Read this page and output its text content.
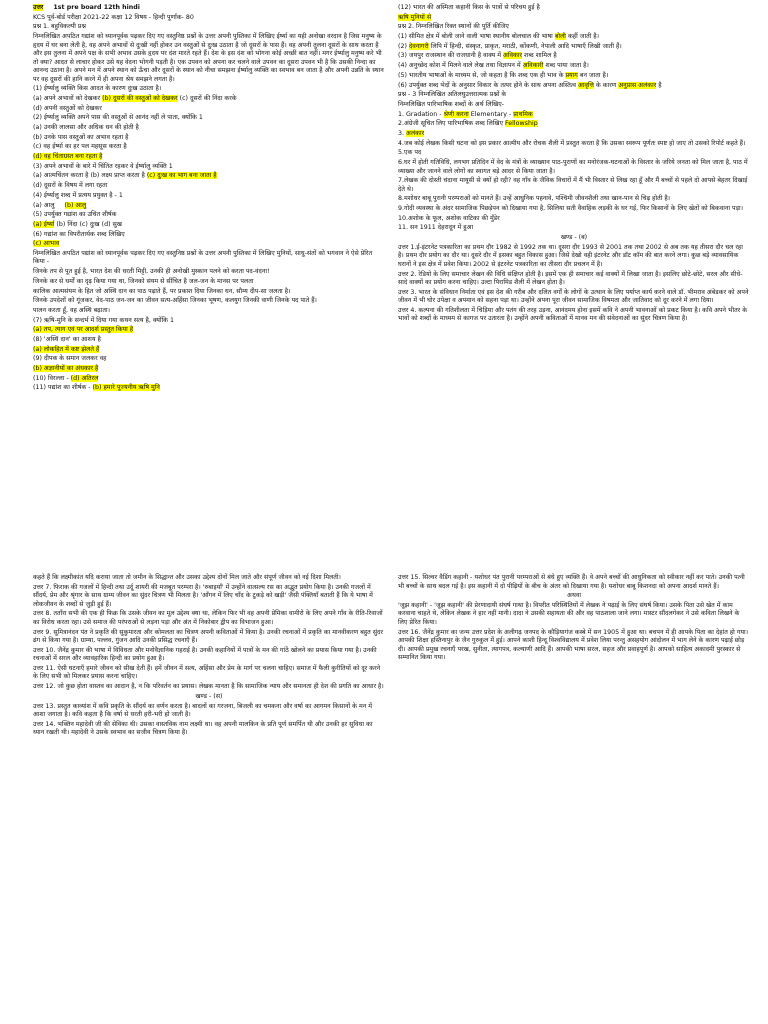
उत्तर 1st pre board 12th hindi

KCS पूर्व-बोर्ड परीक्षा 2021-22 कक्षा 12 विषय - हिन्दी पूर्णांक- 80

प्रश्न 1. बहुविकल्पी प्रश्न

निम्नलिखित अपठित गद्यांश को ध्यानपूर्वक पढ़कर दिए गए वस्तुनिष्ठ प्रश्नों के उत्तर अपनी पुस्तिका में लिखिए ईर्ष्या का यही अनोखा वरदान है जिस मनुष्य के हृदय में घर बना लेती है, वह अपने अभावों से दुःखी नहीं होकर उन वस्तुओं से दुःख उठाता है जो दूसरों के पास हैं। वह अपनी तुलना दूसरों के साथ करता है और इस तुलना में अपने पक्ष के सभी अभाव उसके हृदय पर दंश मारते रहते हैं। देश के इस दंश को भोगना कोई अच्छी बात नहीं। मगर ईर्ष्यालु मनुष्य करे भी तो क्या? आदत से लाचार होकर उसे यह वेदना भोगनी पड़ती है। एक उपवन को अपना कर चलने वाले उपवन का दूसरा उपवन भी है कि उसकी निन्दा का आनन्द उठाना है। अपने मन में अपने स्थान को ऊँचा और दूसरों के स्थान को नीचा समझना ईर्ष्यालु व्यक्ति का स्वभाव बन जाता है और अपनी उन्नति के स्थान पर वह दूसरों की हानि करने में ही अपना श्रेय समझने लगता है।

(1) ईर्ष्यालु व्यक्ति किस आदत के कारण दुःख उठाता है।

(a) अपने अभावों को देखकर (b) दूसरों की वस्तुओं को देखकर (c) दूसरों की निंदा करके

(d) अपनी वस्तुओं को देखकर

(2) ईर्ष्यालु व्यक्ति अपने पास की वस्तुओं से आनंद नहीं ले पाता, क्योंकि 1

(a) उनकी लालसा और अधिक धन की होती है

(b) उनके पास वस्तुओं का अभाव रहता है

(c) वह ईर्ष्या का हर पल महसूस करता है

(d) वह चिंताग्रस्त बना रहता है

(3) अपने अभावों के बारे में चिंतित रहकर वे ईर्ष्यालु व्यक्ति 1

(a) आत्मचिंतन करता है (b) लक्ष्य प्राप्त करता है (c) दुःख का भाग बना जाता है

(d) दूसरों के विषय में लगा रहता

(4) ईर्ष्यालु शब्द में प्रत्यय प्रयुक्त है - 1

(a) आलु (b) आलु

(5) उपर्युक्त गद्यांश का उचित शीर्षक

(a) ईर्ष्या (b) निंदा (c) दुःख (d) सुख

(6) गद्यांश का विपरीतार्थक शब्द लिखिए

(c) आभाव

निम्नलिखित अपठित पद्यांश को ध्यानपूर्वक पढ़कर दिए गए वस्तुनिष्ठ प्रश्नों के उत्तर अपनी पुस्तिका में लिखिए मुनियों, साधु-संतों को भगवान ने ऐसे प्रेरित किया -

जिनके तप से पूत हुई है, भारत देश की धरती मिट्टी, उनकी ही अनोखी मुस्कान पलने को करता पद-वंदना!

जिनके कर से धर्मों का दृढ़ किया गया था, जिनको संयम से सींचित है जल-जन के मानस पर पलता

कालिक आत्मसंयम के हित जो अस्थि दान का पाठ पढ़ाते हैं, पर प्रकाश दिया जिनका धन, सौम्य दीप-सा जलता है।

जिनके उपदेशों को गूंजकर, वेद-पाठ जन-जन का जीवन सत्य-अहिंसा जिनका भूषण, कलयुग जिनकी वाणी जिनके पद पाते हैं।

पालन करता हूँ, वह अस्थि बढ़ाता।

(7) ऋषि-मुनि के सन्दर्भ में दिया गया कथन सत्य है, क्योंकि 1

(a) तप, त्याग एवं पर आदर्श प्रस्तुत किया है

(8) 'अस्थि दान' का आशय है

(a) लोकहित में कष्ट झेलते हैं

(9) दीपक के समान जलकर वह

(b) अज्ञानीयों का अंधकार है

(10) विरल्ला - (d) अतिरल

(11) पद्यांश का शीर्षक - (b) हमारे पूज्यनीय ऋषि मुनि

(12) भारत की अस्मिता कहानी किस के पात्रों से परिचय हुई है

ऋषि मुनियों से

प्रश्न 2. निम्नलिखित रिक्त स्थानों की पूर्ति कीजिए

(1) सीमित क्षेत्र में बोली जाने वाली भाषा स्थानीय बोलचाल की भाषा बोली कहीं जाती है।

(2) देवनागरी लिपि में हिन्दी, संस्कृत, प्राकृत, मराठी, कोंकणी, नेपाली आदि भाषाएँ लिखी जाती हैं।

(3) जयपुर राजस्थान की राजधानी है वाक्य में अविकार शब्द शामिल है

(4) अनुच्छेद कोश में मिलने वाले लेख तथा विज्ञापन में अविकारी शब्द पाया जाता है।

(5) भारतीय भाषाओं के माध्यम से, जो कहता है कि शब्द एक ही भाव के प्रयाग बन जाता है।

(6) उपर्युक्त शब्द भेदों के अनुसार विकार के तत्पर होने के साथ अपना अस्तित्व आवृत्ति के कारण अनुप्रास अलंकार है

प्रश्न - 3 निम्नलिखित अतिलघुउत्तरात्मक प्रश्नों के

निम्नलिखित पारिभाषिक शब्दों के अर्थ लिखिए-

1. Gradation - श्रेणी करना Elementary - प्राथमिक

2.अंग्रेजी सूचित लिए पारिभाषिक शब्द लिखिए Fellowship

3. अलंकार

4.जब कोई लेखक किसी घटना को इस प्रकार आत्मीय और रोचक शैली में प्रस्तुत करता है कि उसका स्वरूप पूर्णतः स्पष्ट हो जाए तो उसको रिपोर्ट कहते हैं।

5.एक पद

6.घर में होती गतिविधि, लगभग प्रतिदिन में वेद के मंत्रों के व्याख्यान पाठ-पुराणों का मनोरंजक-घटनाओं के विस्तार के जरिये जनता को मिल जाता है, पाठ में व्याख्या और जानने वाले लोगों का स्वागत बड़े आदर से किया जाता है।

7.लेखक की दोस्ती चंदाना मायूसी से क्यों हो रही? वह गाँव के जैविक विचारों में मैं भी विस्तार से लिख रहा हूँ और मैं बच्चों से पहले दो आपसे बेहतर दिखाई देते थे।

8.मशोधर बाबू पुरानी परम्पराओं को मानते हैं। उन्हें आधुनिक पहनावे, पश्चिमी जीवनशैली तथा खान-पान से चिढ़ होती है।

9.गोदी व्यवस्था के अंदर सामाजिक पिछड़ेपन को दिखाया गया है, सिलिया सती वैवाहिक लड़की के घर गई, फिर किसानों के लिए खेतों को बिकवाना पड़ा।

10.अशोक के फूल, अशोक वाटिका की मुँडेर

11. सन 1911 देहरादून में हुआ

खण्ड - (ब)

उत्तर 1.ई-इंटरनेट पत्रकारिता का प्रथम दौर 1982 से 1992 तक था। दूसरा दौर 1993 से 2001 तक तथा 2002 से अब तक यह तीसरा दौर चल रहा है। प्रथम दौर प्रयोग का दौर था। दूसरे दौर में इसका बहुत विकास हुआ। जिसे देखो वही इंटरनेट और डॉट कॉम की बात करने लगा। कुछ बड़े व्यावसायिक घरानों ने इस क्षेत्र में प्रवेश किया। 2002 से इंटरनेट पत्रकारिता का तीसरा दौर प्रचलन में है।

उत्तर 2. रेडियो के लिए समाचार लेखन की विधि संक्षिप्त होती है। इसमें एक ही समाचार कई वाक्यों में लिखा जाता है। इसलिए छोटे-छोटे, सरल और सीधे-सादे वाक्यों का प्रयोग करना चाहिए। उल्टा पिरामिड शैली में लेखन होता है।

उत्तर 3. भारत के संविधान निर्माता एवं इस देश की गरीब और दलित वर्गों के लोगों के उत्थान के लिए पर्याप्त कार्य करने वाले डॉ. भीमराव अंबेडकर को अपने जीवन में भी घोर उपेक्षा व अपमान को सहना पड़ा था। उन्होंने अपना पूरा जीवन सामाजिक विषमता और जातिवाद को दूर करने में लगा दिया।

उत्तर 4. कल्पना की गतिशीलता में चिड़िया और पतंग की तरह उड़ना, आनंदमय होना इसमें कवि ने अपनी भावनाओं को प्रकट किया है। कवि अपने भीतर के भावों को शब्दों के माध्यम से कागज पर उतारता है। उन्होंने अपनी कविताओं में मानव मन की संवेदनाओं का सुंदर चित्रण किया है।

कहते हैं कि लक्ष्मीकांत यदि कराया जाता तो जमीन के सिद्धान्त और उसका उद्देश्य दोनों मिल जाते और संपूर्ण जीवन को नई दिशा मिलती।

उत्तर 7. फिराक की गजलों में हिन्दी तथा उर्दू शायरी की मजबूत परम्परा है। 'रुबाइयाँ' में उन्होंने वात्सल्य रस का अद्भुत प्रयोग किया है। उनकी गजलों में सौंदर्य, प्रेम और श्रृंगार के साथ ग्राम्य जीवन का सुंदर चित्रण भी मिलता है। 'आँगन में लिए चाँद के टुकड़े को खड़ी' जैसी पंक्तियाँ बताती हैं कि ये भाषा में लोकजीवन के शब्दों से जुड़ी हुई हैं।

उत्तर 8. तताँरा सभी की एक ही फिक्र कि उसके जीवन का मूल उद्देश्य क्या था, लेकिन फिर भी वह अपनी प्रेमिका वामीरो के लिए अपने गाँव के रीति-रिवाजों का विरोध करता रहा। उसे समाज की परंपराओं से लड़ना पड़ा और अंत में निकोबार द्वीप का विभाजन हुआ।

उत्तर 9. सुमित्रानंदन पंत ने प्रकृति की सुकुमारता और कोमलता का चित्रण अपनी कविताओं में किया है। उनकी रचनाओं में प्रकृति का मानवीकरण बहुत सुंदर ढंग से किया गया है। ग्राम्या, पल्लव, गुंजन आदि उनकी प्रसिद्ध रचनाएँ हैं।

उत्तर 10. जैनेंद्र कुमार की भाषा में विविधता और मनोवैज्ञानिक गहराई है। उनकी कहानियों में पात्रों के मन की गांठें खोलने का प्रयास किया गया है। उनकी रचनाओं में सरल और व्यावहारिक हिन्दी का प्रयोग हुआ है।

उत्तर 11. ऐसी घटनाएँ हमारे जीवन को सीख देती हैं। हमें जीवन में सत्य, अहिंसा और प्रेम के मार्ग पर चलना चाहिए। समाज में फैली कुरीतियों को दूर करने के लिए सभी को मिलकर प्रयास करना चाहिए।

उत्तर 12. जो कुछ होता वास्तव का आदान है, न कि परिवर्तन का प्रयास। लेखक मानता है कि सामाजिक न्याय और समानता ही देश की प्रगति का आधार है।

खण्ड - (स)

उत्तर 13. प्रस्तुत काव्यांश में कवि प्रकृति के सौंदर्य का वर्णन करता है। बादलों का गरजना, बिजली का चमकना और वर्षा का आगमन किसानों के मन में आशा जगाता है। कवि कहता है कि वर्षा से धरती हरी-भरी हो जाती है।

उत्तर 14. भक्तिन महादेवी जी की सेविका थी। उसका वास्तविक नाम लक्ष्मी था। वह अपनी मालकिन के प्रति पूर्ण समर्पित थी और उनकी हर सुविधा का ध्यान रखती थी। महादेवी ने उसके स्वभाव का सजीव चित्रण किया है।

उत्तर 15. सिल्वर वैडिंग कहानी - यशोधर पंत पुरानी परम्पराओं से बंधे हुए व्यक्ति हैं। वे अपने बच्चों की आधुनिकता को स्वीकार नहीं कर पाते। उनकी पत्नी भी बच्चों के साथ बदल गई है। इस कहानी में दो पीढ़ियों के बीच के अंतर को दिखाया गया है। यशोधर बाबू किशनदा को अपना आदर्श मानते हैं।

अथवा

'जूझ कहानी' - 'जूझ कहानी' की प्रेरणादायी संघर्ष गाथा है। विपरीत परिस्थितियों में लेखक ने पढ़ाई के लिए संघर्ष किया। उसके पिता उसे खेत में काम करवाना चाहते थे, लेकिन लेखक ने हार नहीं मानी। दादा ने उसकी सहायता की और वह पाठशाला जाने लगा। मास्टर सौंदलगेकर ने उसे कविता लिखने के लिए प्रेरित किया।

उत्तर 16. जैनेंद्र कुमार का जन्म उत्तर प्रदेश के अलीगढ़ जनपद के कौड़ियागंज कस्बे में सन 1905 में हुआ था। बचपन में ही आपके पिता का देहांत हो गया। आपकी शिक्षा हस्तिनापुर के जैन गुरुकुल में हुई। आपने काशी हिन्दू विश्वविद्यालय में प्रवेश लिया परन्तु असहयोग आंदोलन में भाग लेने के कारण पढ़ाई छोड़ दी। आपकी प्रमुख रचनाएँ परख, सुनीता, त्यागपत्र, कल्याणी आदि हैं। आपकी भाषा सरल, सहज और प्रवाहपूर्ण है। आपको साहित्य अकादमी पुरस्कार से सम्मानित किया गया।
